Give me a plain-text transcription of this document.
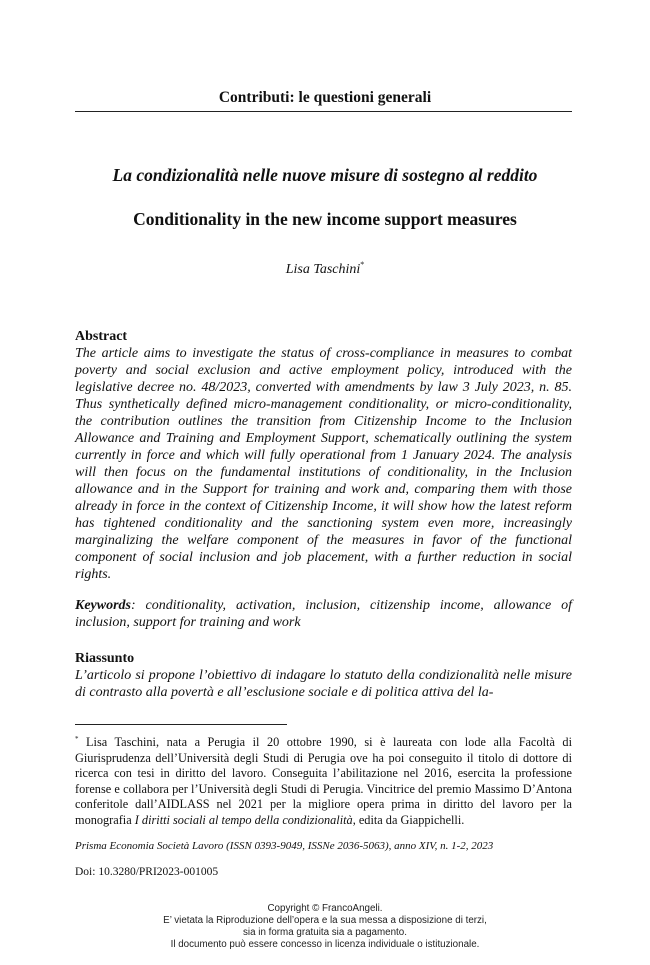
Contributi: le questioni generali
La condizionalità nelle nuove misure di sostegno al reddito
Conditionality in the new income support measures
Lisa Taschini*
Abstract
The article aims to investigate the status of cross-compliance in measures to combat poverty and social exclusion and active employment policy, introduced with the legislative decree no. 48/2023, converted with amendments by law 3 July 2023, n. 85. Thus synthetically defined micro-management conditionality, or micro-conditionality, the contribution outlines the transition from Citizenship Income to the Inclusion Allowance and Training and Employment Support, schematically outlining the system currently in force and which will fully operational from 1 January 2024. The analysis will then focus on the fundamental institutions of conditionality, in the Inclusion allowance and in the Support for training and work and, comparing them with those already in force in the context of Citizenship Income, it will show how the latest reform has tightened conditionality and the sanctioning system even more, increasingly marginalizing the welfare component of the measures in favor of the functional component of social inclusion and job placement, with a further reduction in social rights.
Keywords: conditionality, activation, inclusion, citizenship income, allowance of inclusion, support for training and work
Riassunto
L’articolo si propone l’obiettivo di indagare lo statuto della condizionalità nelle misure di contrasto alla povertà e all’esclusione sociale e di politica attiva del la-
* Lisa Taschini, nata a Perugia il 20 ottobre 1990, si è laureata con lode alla Facoltà di Giurisprudenza dell’Università degli Studi di Perugia ove ha poi conseguito il titolo di dottore di ricerca con tesi in diritto del lavoro. Conseguita l’abilitazione nel 2016, esercita la professione forense e collabora per l’Università degli Studi di Perugia. Vincitrice del premio Massimo D’Antona conferitole dall’AIDLASS nel 2021 per la migliore opera prima in diritto del lavoro per la monografia I diritti sociali al tempo della condizionalità, edita da Giappichelli.
Prisma Economia Società Lavoro (ISSN 0393-9049, ISSNe 2036-5063), anno XIV, n. 1-2, 2023
Doi: 10.3280/PRI2023-001005
Copyright © FrancoAngeli.
E’ vietata la Riproduzione dell’opera e la sua messa a disposizione di terzi,
sia in forma gratuita sia a pagamento.
Il documento può essere concesso in licenza individuale o istituzionale.
